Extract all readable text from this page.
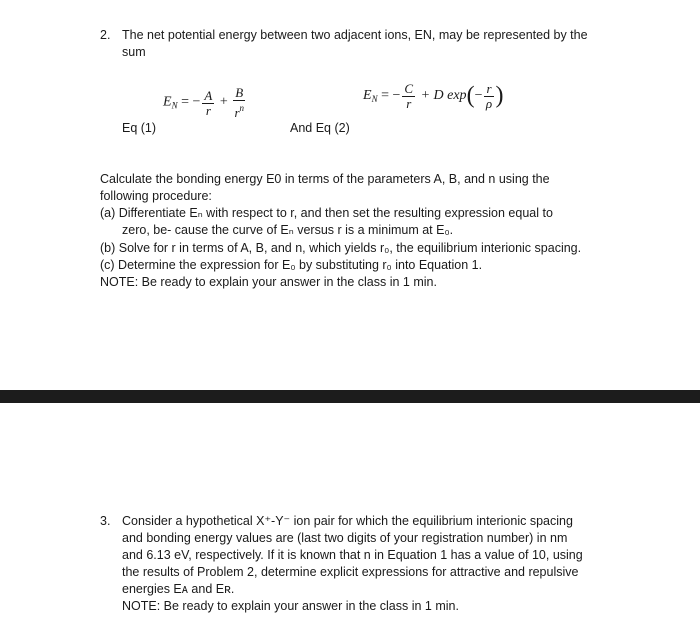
2. The net potential energy between two adjacent ions, EN, may be represented by the
sum
$E_N$ = − $\frac{A}{r} + \frac{B}{r^n}$
Eq (1)	And Eq (2)
$E_N$ = − $\frac{C}{r} + D$ $\exp(- \frac{r}{\rho}$ )
Calculate the bonding energy E0 in terms of the parameters A, B, and n using the
following procedure:
(a) Differentiate Eₙ with respect to r, and then set the resulting expression equal to
zero, be- cause the curve of Eₙ versus r is a minimum at E₀.
(b) Solve for r in terms of A, B, and n, which yields r₀, the equilibrium interionic spacing.
(c) Determine the expression for E₀ by substituting r₀ into Equation 1.
NOTE: Be ready to explain your answer in the class in 1 min.
3. Consider a hypothetical X⁺-Y⁻ ion pair for which the equilibrium interionic spacing
and bonding energy values are (last two digits of your registration number) in nm
and 6.13 eV, respectively. If it is known that n in Equation 1 has a value of 10, using
the results of Problem 2, determine explicit expressions for attractive and repulsive
energies Eᴀ and Eʀ.
NOTE: Be ready to explain your answer in the class in 1 min.
